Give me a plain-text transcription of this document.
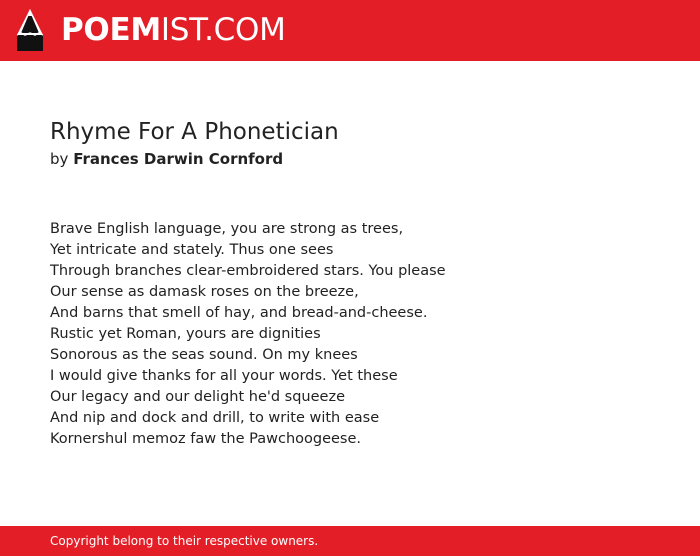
POEMIST.COM
Rhyme For A Phonetician
by Frances Darwin Cornford
Brave English language, you are strong as trees,
Yet intricate and stately. Thus one sees
Through branches clear-embroidered stars. You please
Our sense as damask roses on the breeze,
And barns that smell of hay, and bread-and-cheese.
Rustic yet Roman, yours are dignities
Sonorous as the seas sound. On my knees
I would give thanks for all your words. Yet these
Our legacy and our delight he'd squeeze
And nip and dock and drill, to write with ease
Kornershul memoz faw the Pawchoogeese.
Copyright belong to their respective owners.
